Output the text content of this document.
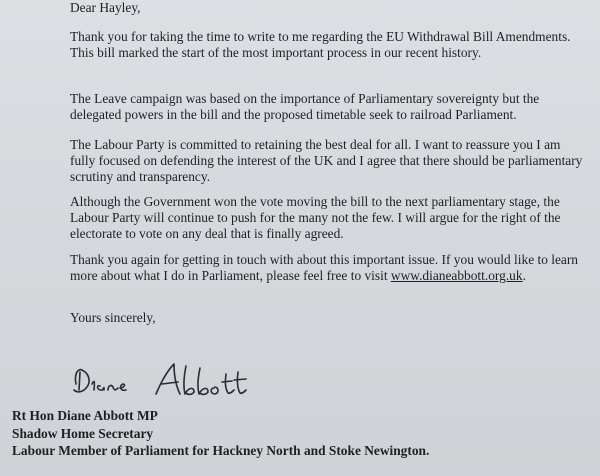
Dear Hayley,

Thank you for taking the time to write to me regarding the EU Withdrawal Bill Amendments. This bill marked the start of the most important process in our recent history.

The Leave campaign was based on the importance of Parliamentary sovereignty but the delegated powers in the bill and the proposed timetable seek to railroad Parliament.

The Labour Party is committed to retaining the best deal for all. I want to reassure you I am fully focused on defending the interest of the UK and I agree that there should be parliamentary scrutiny and transparency.

Although the Government won the vote moving the bill to the next parliamentary stage, the Labour Party will continue to push for the many not the few. I will argue for the right of the electorate to vote on any deal that is finally agreed.

Thank you again for getting in touch with about this important issue. If you would like to learn more about what I do in Parliament, please feel free to visit www.dianeabbott.org.uk.

Yours sincerely,
Rt Hon Diane Abbott MP
Shadow Home Secretary
Labour Member of Parliament for Hackney North and Stoke Newington.
